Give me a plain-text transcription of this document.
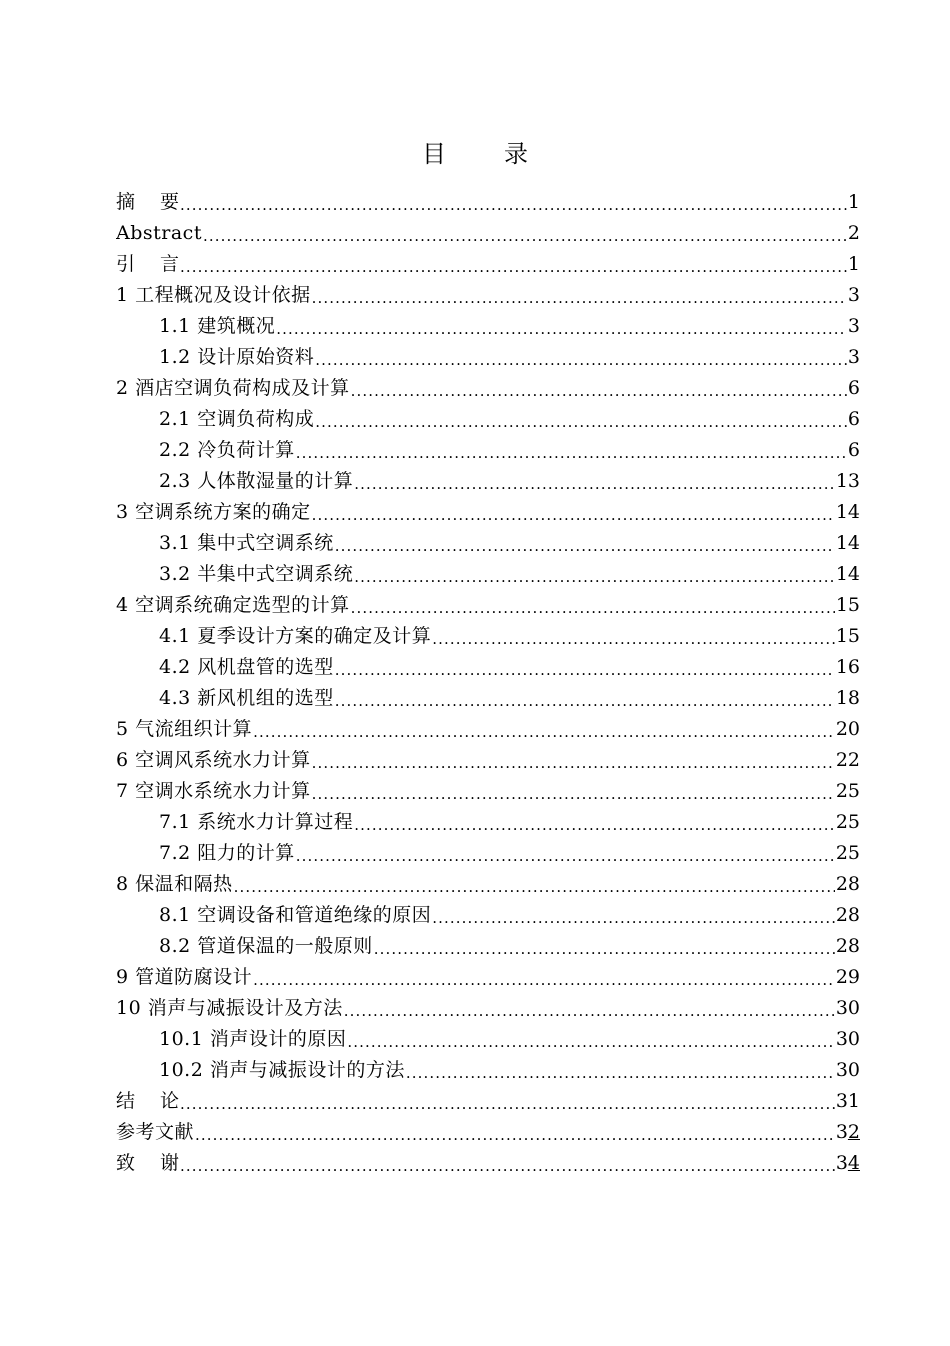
目 录
摘 要 .....	1
Abstract .....	2
引 言 .....	1
1 工程概况及设计依据 .....	3
1.1 建筑概况 .....	3
1.2 设计原始资料 .....	3
2 酒店空调负荷构成及计算 .....	6
2.1 空调负荷构成 .....	6
2.2 冷负荷计算 .....	6
2.3 人体散湿量的计算 .....	13
3 空调系统方案的确定 .....	14
3.1 集中式空调系统 .....	14
3.2 半集中式空调系统 .....	14
4 空调系统确定选型的计算 .....	15
4.1 夏季设计方案的确定及计算 .....	15
4.2 风机盘管的选型 .....	16
4.3 新风机组的选型 .....	18
5 气流组织计算 .....	20
6 空调风系统水力计算 .....	22
7 空调水系统水力计算 .....	25
7.1 系统水力计算过程 .....	25
7.2 阻力的计算 .....	25
8 保温和隔热 .....	28
8.1 空调设备和管道绝缘的原因 .....	28
8.2 管道保温的一般原则 .....	28
9 管道防腐设计 .....	29
10 消声与减振设计及方法 .....	30
10.1 消声设计的原因 .....	30
10.2 消声与减振设计的方法 .....	30
结 论 .....	31
参考文献 .....	32
致 谢 .....	34
